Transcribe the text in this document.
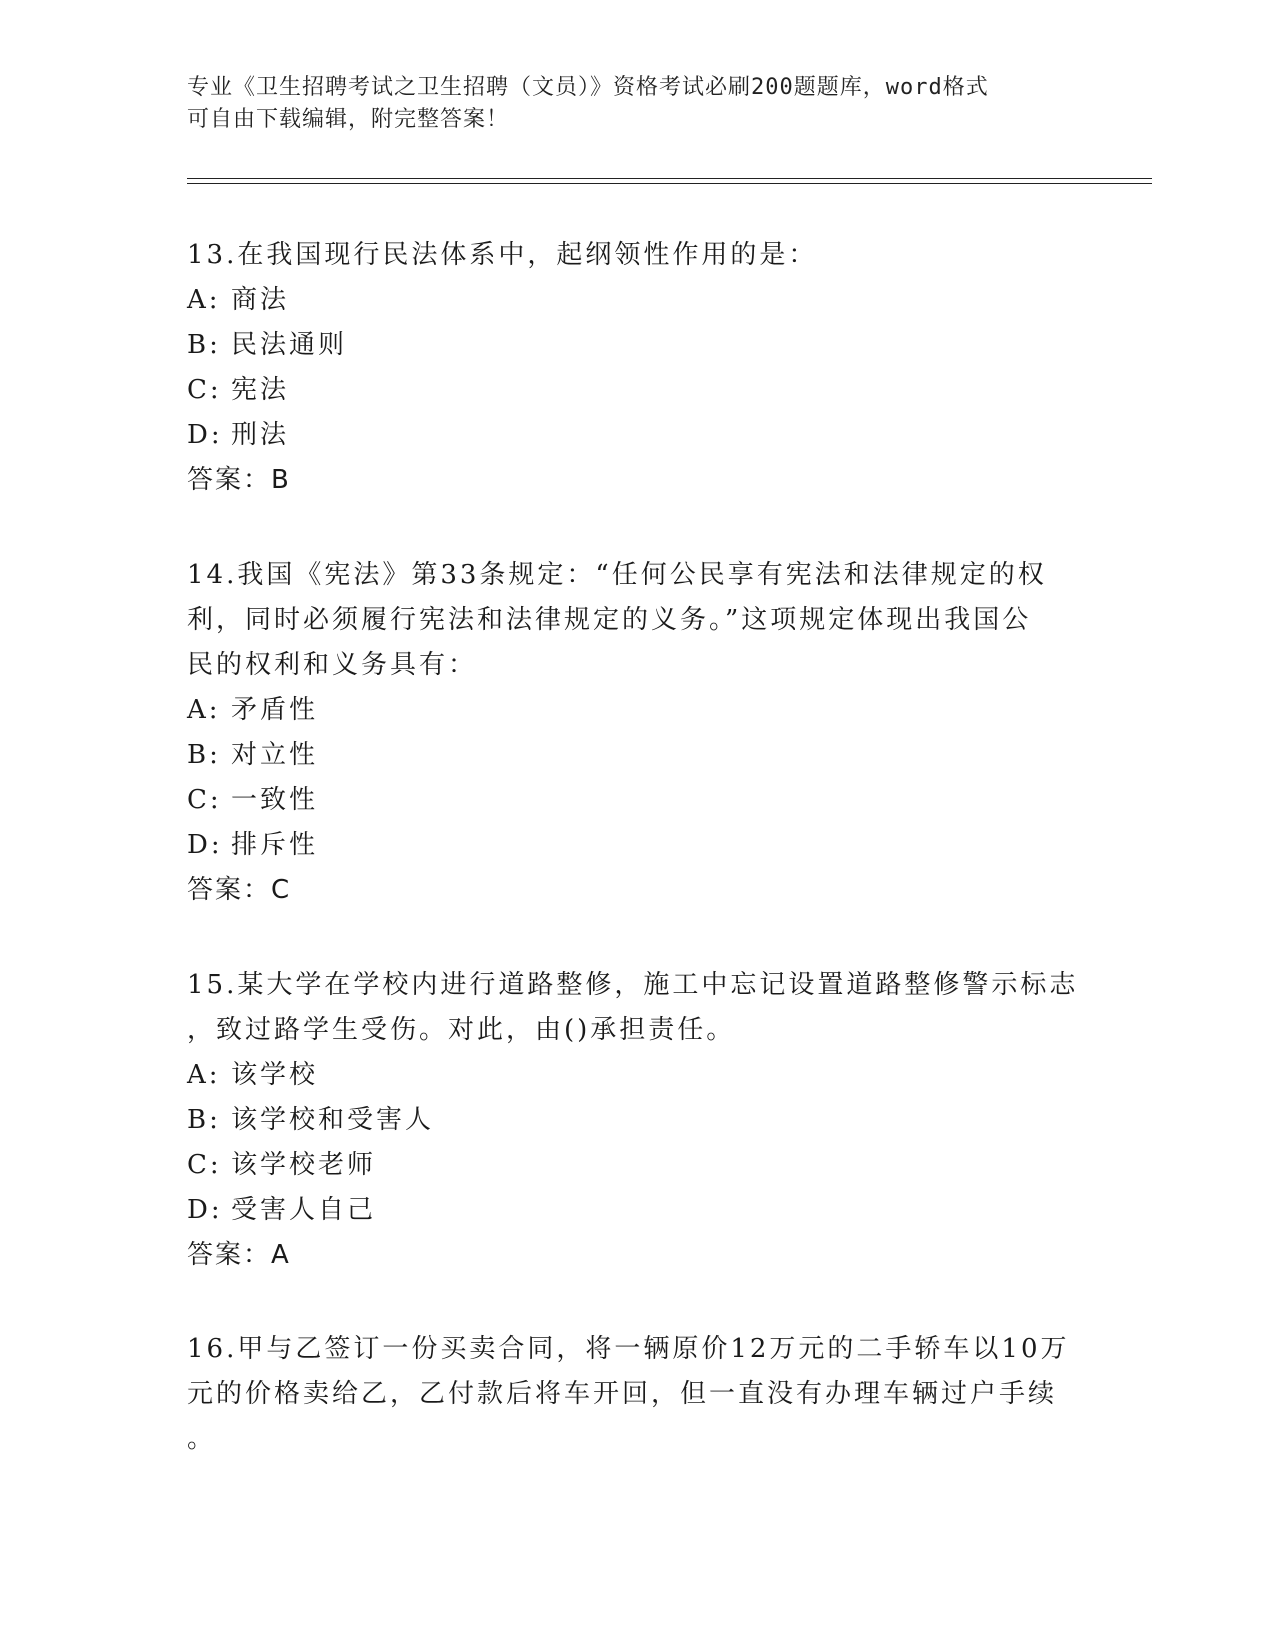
专业《卫生招聘考试之卫生招聘（文员）》资格考试必刷200题题库，word格式
可自由下载编辑，附完整答案！
13.在我国现行民法体系中，起纲领性作用的是：
A: 商法
B: 民法通则
C: 宪法
D: 刑法
答案：B
14.我国《宪法》第33条规定：“任何公民享有宪法和法律规定的权
利，同时必须履行宪法和法律规定的义务。”这项规定体现出我国公
民的权利和义务具有：
A: 矛盾性
B: 对立性
C: 一致性
D: 排斥性
答案：C
15.某大学在学校内进行道路整修，施工中忘记设置道路整修警示标志
，致过路学生受伤。对此，由()承担责任。
A: 该学校
B: 该学校和受害人
C: 该学校老师
D: 受害人自己
答案：A
16.甲与乙签订一份买卖合同，将一辆原价12万元的二手轿车以10万
元的价格卖给乙，乙付款后将车开回，但一直没有办理车辆过户手续
。
